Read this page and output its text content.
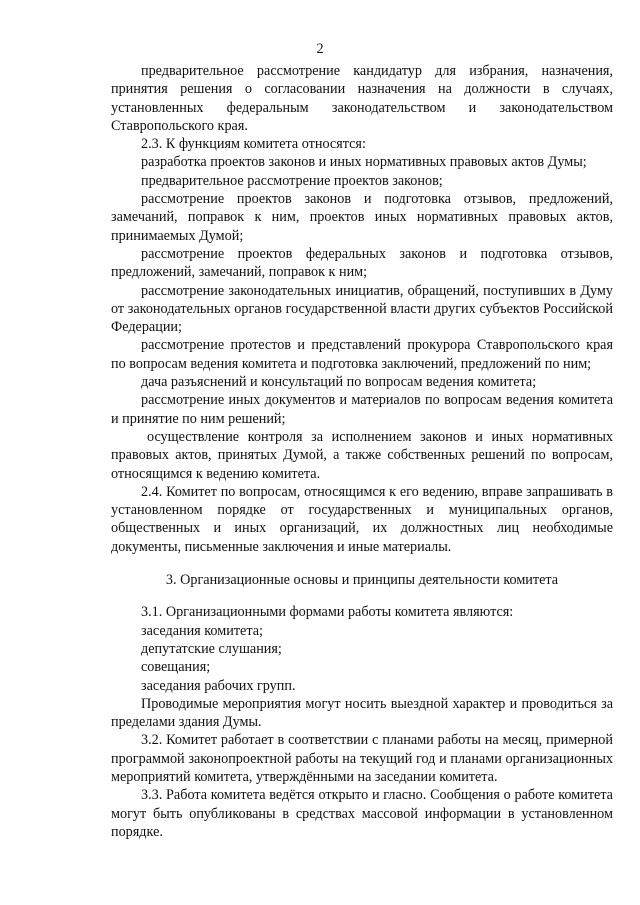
2

предварительное рассмотрение кандидатур для избрания, назначения, принятия решения о согласовании назначения на должности в случаях, установленных федеральным законодательством и законодательством Ставропольского края.

2.3. К функциям комитета относятся:

разработка проектов законов и иных нормативных правовых актов Думы;

предварительное рассмотрение проектов законов;

рассмотрение проектов законов и подготовка отзывов, предложений, замечаний, поправок к ним, проектов иных нормативных правовых актов, принимаемых Думой;

рассмотрение проектов федеральных законов и подготовка отзывов, предложений, замечаний, поправок к ним;

рассмотрение законодательных инициатив, обращений, поступивших в Думу от законодательных органов государственной власти других субъектов Российской Федерации;

рассмотрение протестов и представлений прокурора Ставропольского края по вопросам ведения комитета и подготовка заключений, предложений по ним;

дача разъяснений и консультаций по вопросам ведения комитета;

рассмотрение иных документов и материалов по вопросам ведения комитета и принятие по ним решений;

осуществление контроля за исполнением законов и иных нормативных правовых актов, принятых Думой, а также собственных решений по вопросам, относящимся к ведению комитета.

2.4. Комитет по вопросам, относящимся к его ведению, вправе запрашивать в установленном порядке от государственных и муниципальных органов, общественных и иных организаций, их должностных лиц необходимые документы, письменные заключения и иные материалы.

3. Организационные основы и принципы деятельности комитета

3.1. Организационными формами работы комитета являются:

заседания комитета;

депутатские слушания;

совещания;

заседания рабочих групп.

Проводимые мероприятия могут носить выездной характер и проводиться за пределами здания Думы.

3.2. Комитет работает в соответствии с планами работы на месяц, примерной программой законопроектной работы на текущий год и планами организационных мероприятий комитета, утверждёнными на заседании комитета.

3.3. Работа комитета ведётся открыто и гласно. Сообщения о работе комитета могут быть опубликованы в средствах массовой информации в установленном порядке.
